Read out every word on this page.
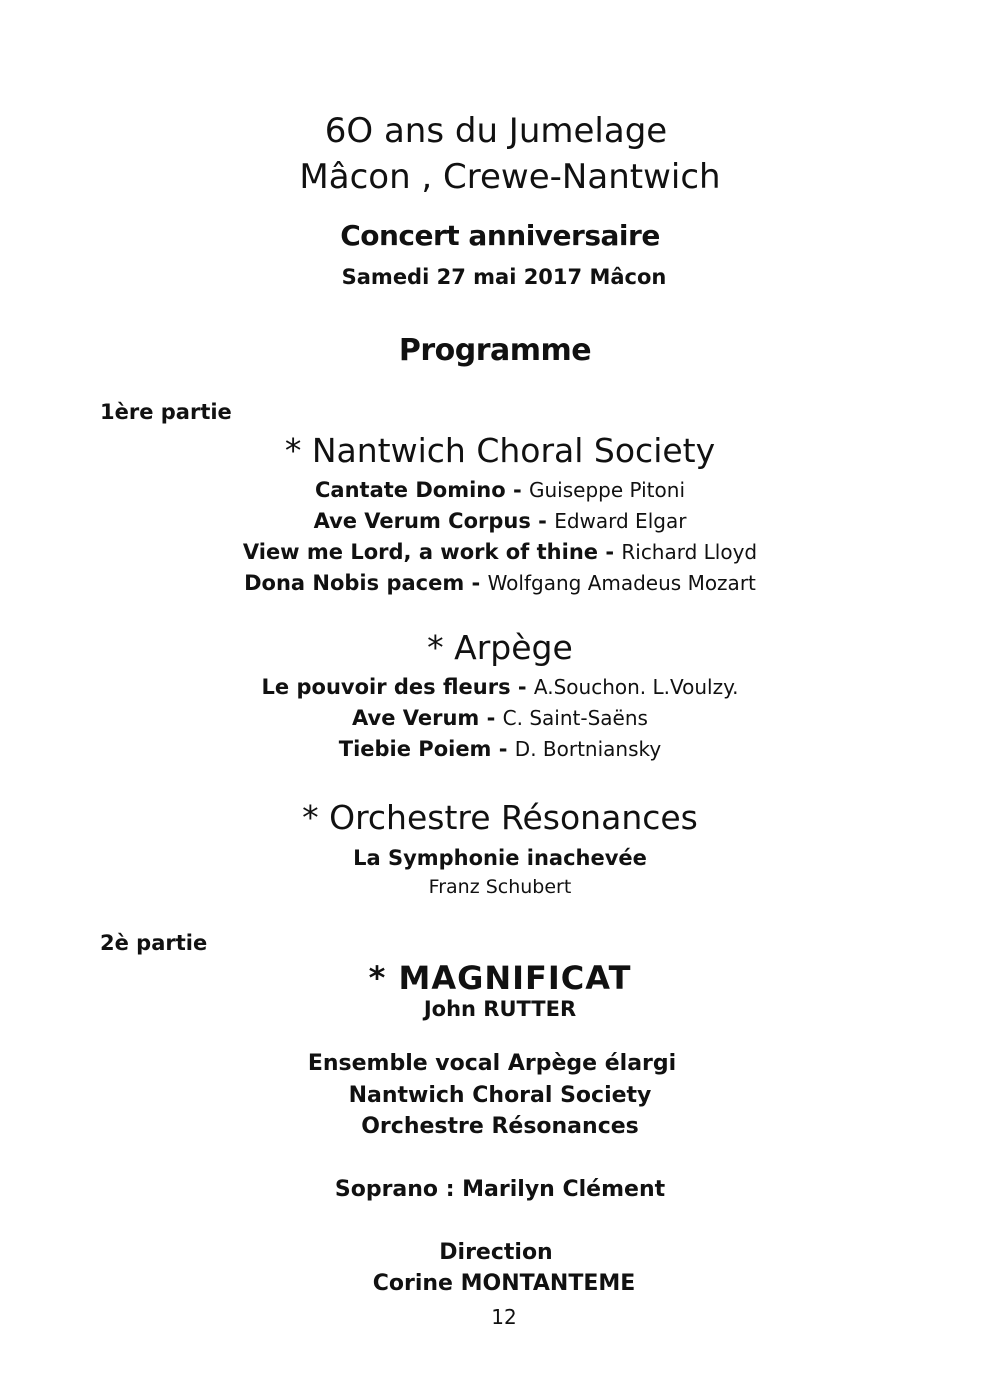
6O ans du Jumelage
Mâcon , Crewe-Nantwich
Concert anniversaire
Samedi 27 mai 2017 Mâcon
Programme
1ère partie
* Nantwich Choral Society
Cantate Domino - Guiseppe Pitoni
Ave Verum Corpus - Edward Elgar
View me Lord, a work of thine - Richard Lloyd
Dona Nobis pacem - Wolfgang Amadeus Mozart
* Arpège
Le pouvoir des fleurs - A.Souchon. L.Voulzy.
Ave Verum - C. Saint-Saëns
Tiebie Poiem - D. Bortniansky
* Orchestre Résonances
La Symphonie inachevée
Franz Schubert
2è partie
* MAGNIFICAT
John RUTTER
Ensemble vocal Arpège élargi
Nantwich Choral Society
Orchestre Résonances
Soprano : Marilyn Clément
Direction
Corine MONTANTEME
12
